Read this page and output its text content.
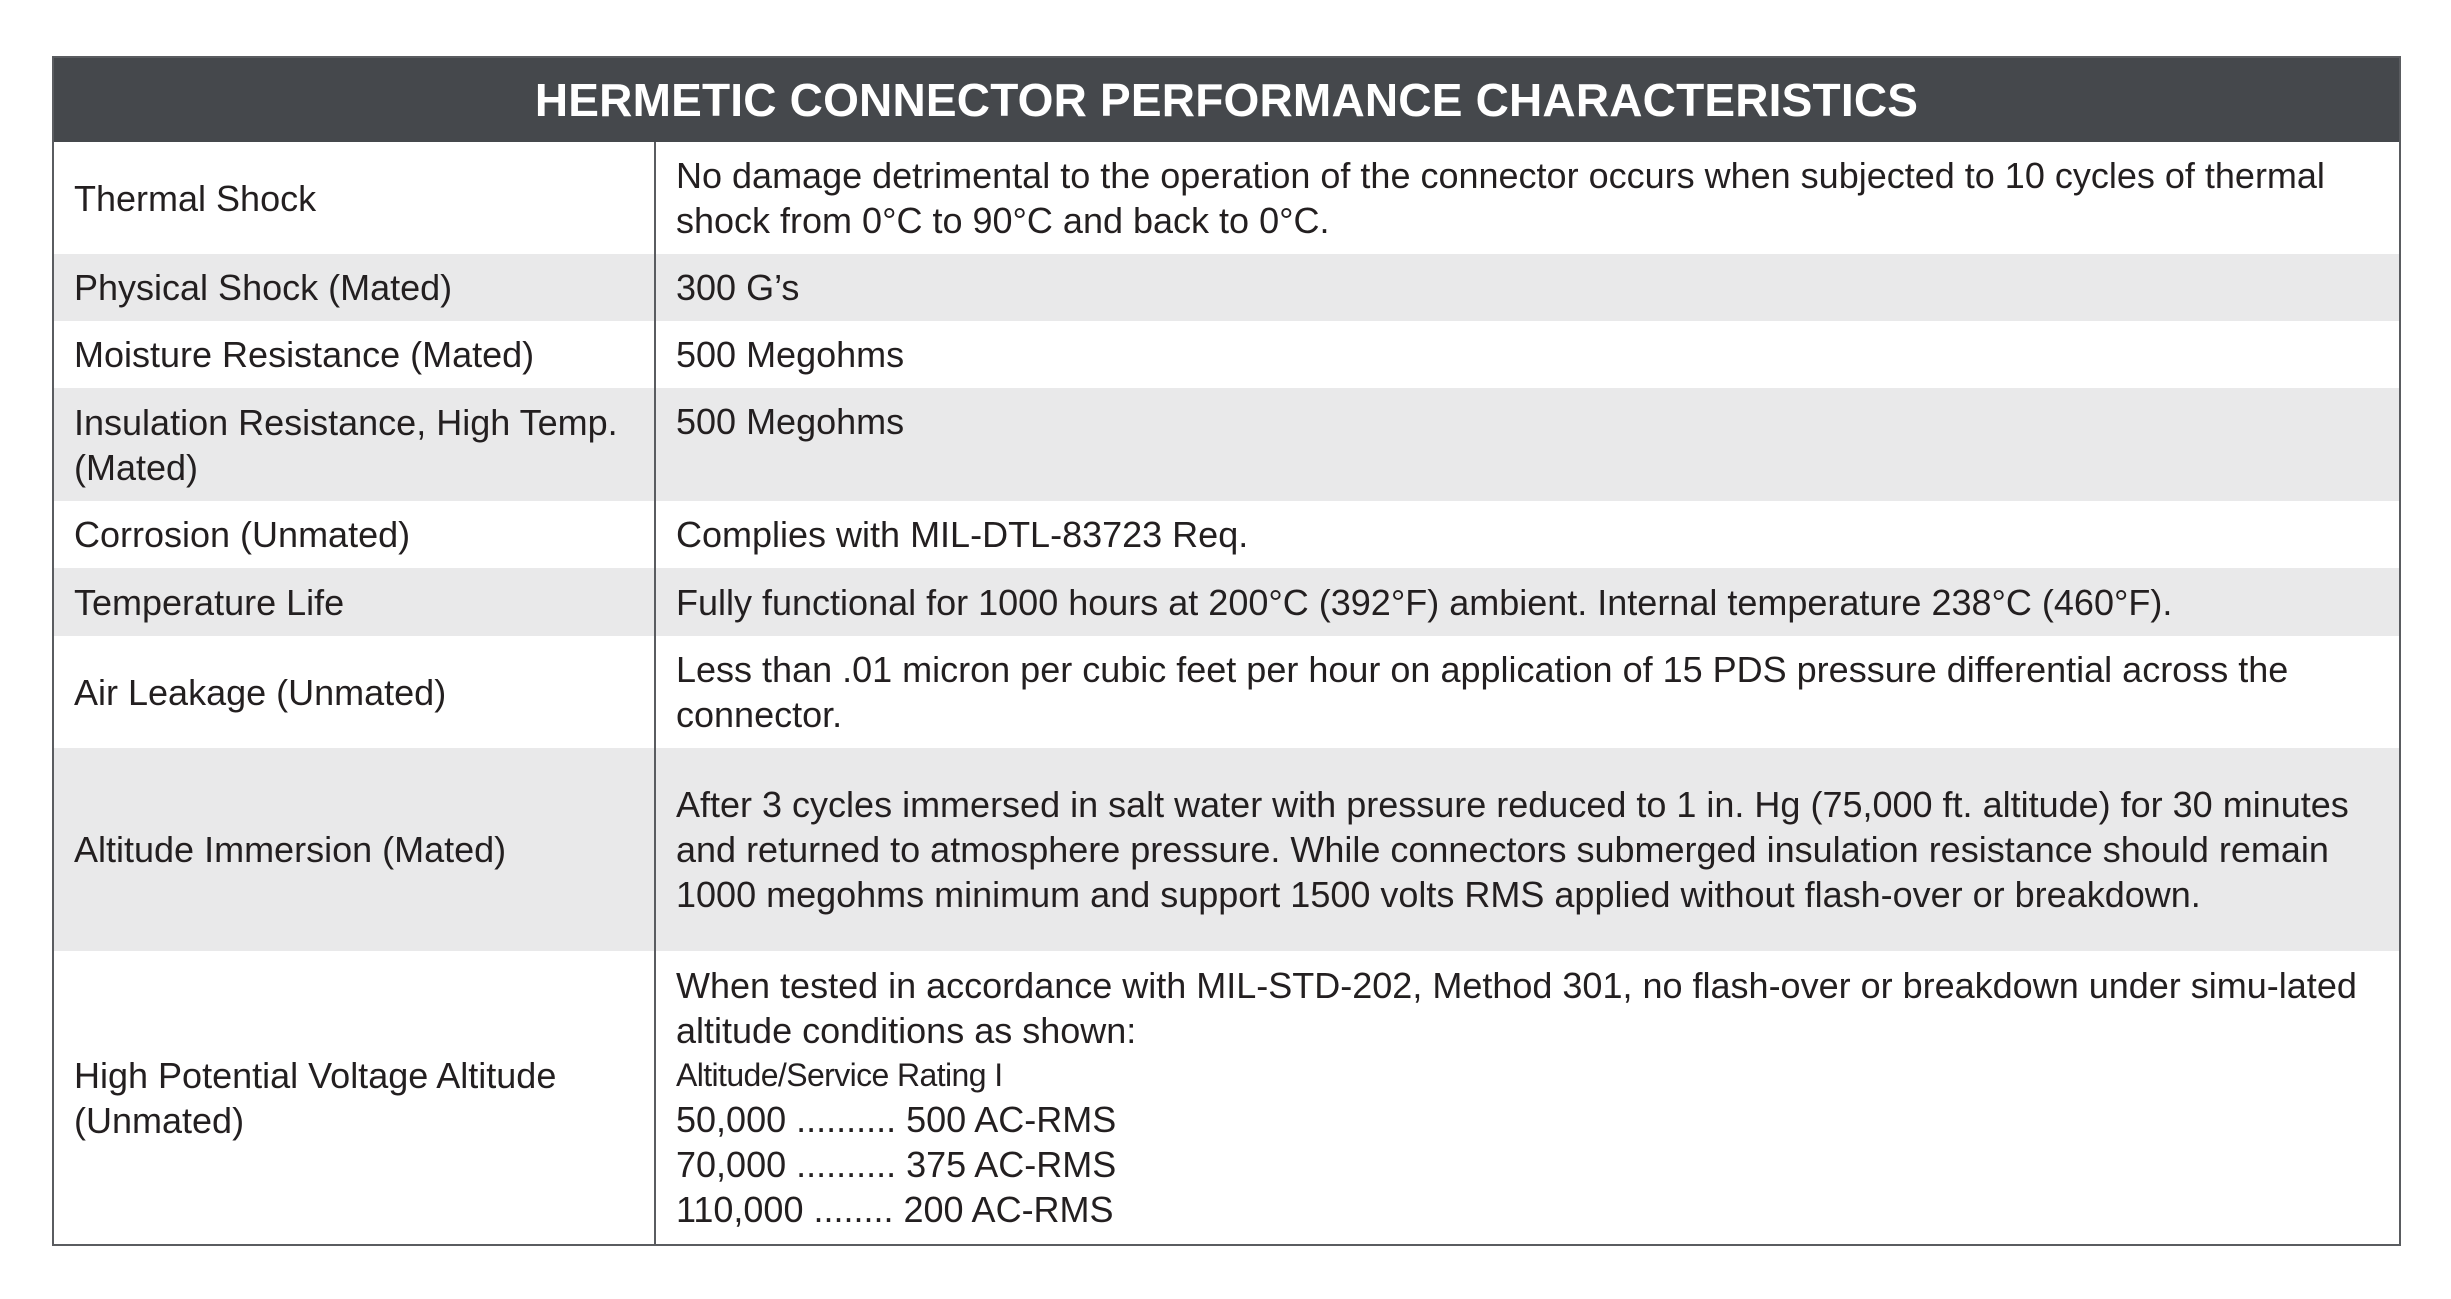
HERMETIC CONNECTOR PERFORMANCE CHARACTERISTICS
Thermal Shock	No damage detrimental to the operation of the connector occurs when subjected to 10 cycles of thermal shock from 0°C to 90°C and back to 0°C.
Physical Shock (Mated)	300 G’s
Moisture Resistance (Mated)	500 Megohms
Insulation Resistance, High Temp. (Mated)	500 Megohms
Corrosion (Unmated)	Complies with MIL-DTL-83723 Req.
Temperature Life	Fully functional for 1000 hours at 200°C (392°F) ambient. Internal temperature 238°C (460°F).
Air Leakage (Unmated)	Less than .01 micron per cubic feet per hour on application of 15 PDS pressure differential across the connector.
Altitude Immersion (Mated)	After 3 cycles immersed in salt water with pressure reduced to 1 in. Hg (75,000 ft. altitude) for 30 minutes and returned to atmosphere pressure. While connectors submerged insulation resistance should remain 1000 megohms minimum and support 1500 volts RMS applied without flash-over or breakdown.
High Potential Voltage Altitude (Unmated)	When tested in accordance with MIL-STD-202, Method 301, no flash-over or breakdown under simu-lated altitude conditions as shown:
Altitude/Service Rating I
50,000 .......... 500 AC-RMS
70,000 .......... 375 AC-RMS
110,000 ........ 200 AC-RMS
